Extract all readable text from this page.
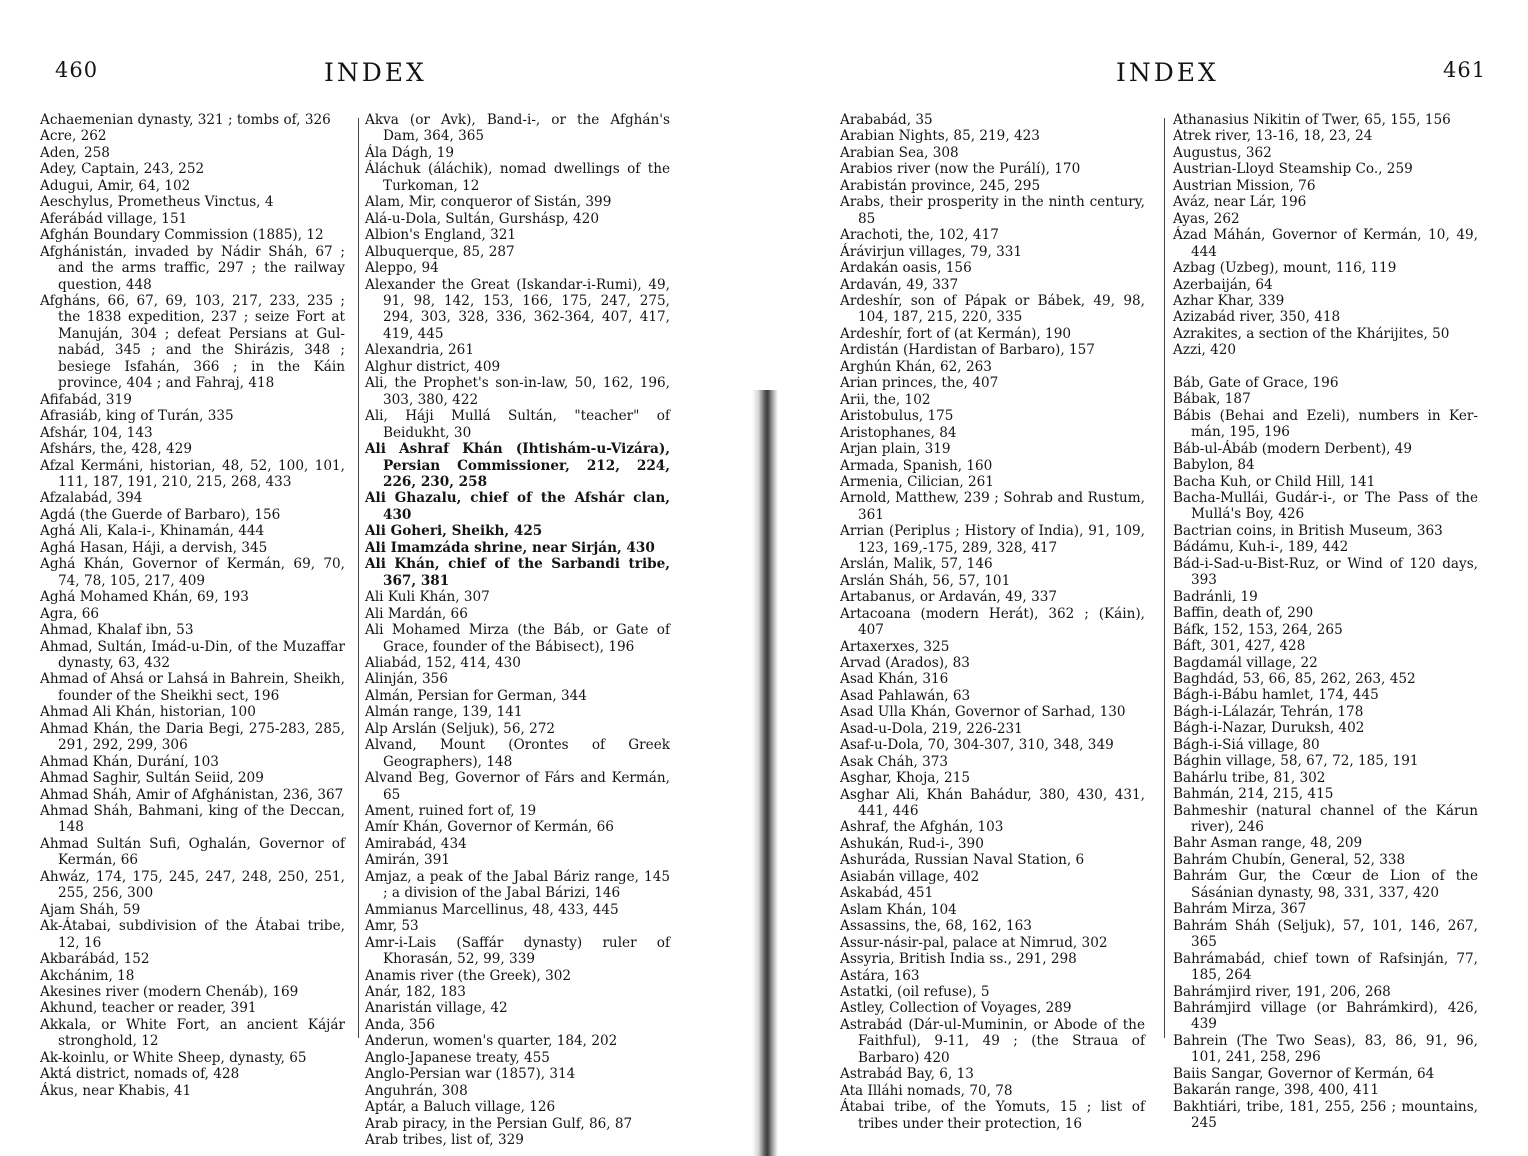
460	INDEX

Achaemenian dynasty, 321 ; tombs of, 326

Acre, 262

Aden, 258

Adey, Captain, 243, 252

Adugui, Amir, 64, 102

Aeschylus, Prometheus Vinctus, 4

Aferábád village, 151

Afghán Boundary Commission (1885), 12

Afghánistán, invaded by Nádir Sháh, 67 ; and the arms traffic, 297 ; the railway question, 448

Afgháns, 66, 67, 69, 103, 217, 233, 235 ; the 1838 expedition, 237 ; seize Fort at Manuján, 304 ; defeat Persians at Gul-nabád, 345 ; and the Shirázis, 348 ; besiege Isfahán, 366 ; in the Káin province, 404 ; and Fahraj, 418

Afifabád, 319

Afrasiáb, king of Turán, 335

Afshár, 104, 143

Afshárs, the, 428, 429

Afzal Kermáni, historian, 48, 52, 100, 101, 111, 187, 191, 210, 215, 268, 433

Afzalabád, 394

Agdá (the Guerde of Barbaro), 156

Aghá Ali, Kala-i-, Khinamán, 444

Aghá Hasan, Háji, a dervish, 345

Aghá Khán, Governor of Kermán, 69, 70, 74, 78, 105, 217, 409

Aghá Mohamed Khán, 69, 193

Agra, 66

Ahmad, Khalaf ibn, 53

Ahmad, Sultán, Imád-u-Din, of the Muzaffar dynasty, 63, 432

Ahmad of Ahsá or Lahsá in Bahrein, Sheikh, founder of the Sheikhi sect, 196

Ahmad Ali Khán, historian, 100

Ahmad Khán, the Daria Begi, 275-283, 285, 291, 292, 299, 306

Ahmad Khán, Durání, 103

Ahmad Saghir, Sultán Seiid, 209

Ahmad Sháh, Amir of Afghánistan, 236, 367

Ahmad Sháh, Bahmani, king of the Deccan, 148

Ahmad Sultán Sufi, Oghalán, Governor of Kermán, 66

Ahwáz, 174, 175, 245, 247, 248, 250, 251, 255, 256, 300

Ajam Sháh, 59

Ak-Átabai, subdivision of the Átabai tribe, 12, 16

Akbarábád, 152

Akchánim, 18

Akesines river (modern Chenáb), 169

Akhund, teacher or reader, 391

Akkala, or White Fort, an ancient Kájár stronghold, 12

Ak-koinlu, or White Sheep, dynasty, 65

Aktá district, nomads of, 428

Ákus, near Khabis, 41

Akva (or Avk), Band-i-, or the Afghán's Dam, 364, 365

Ála Dágh, 19

Áláchuk (áláchik), nomad dwellings of the Turkoman, 12

Alam, Mir, conqueror of Sistán, 399

Alá-u-Dola, Sultán, Gurshásp, 420

Albion's England, 321

Albuquerque, 85, 287

Aleppo, 94

Alexander the Great (Iskandar-i-Rumi), 49, 91, 98, 142, 153, 166, 175, 247, 275, 294, 303, 328, 336, 362-364, 407, 417, 419, 445

Alexandria, 261

Alghur district, 409

Ali, the Prophet's son-in-law, 50, 162, 196, 303, 380, 422

Ali, Háji Mullá Sultán, "teacher" of Beidukht, 30

Ali Ashraf Khán (Ihtishám-u-Vizára), Persian Commissioner, 212, 224, 226, 230, 258

Ali Ghazalu, chief of the Afshár clan, 430

Ali Goheri, Sheikh, 425

Ali Imamzáda shrine, near Sirján, 430

Ali Khán, chief of the Sarbandi tribe, 367, 381

Ali Kuli Khán, 307

Ali Mardán, 66

Ali Mohamed Mirza (the Báb, or Gate of Grace, founder of the Bábisect), 196

Aliabád, 152, 414, 430

Alinján, 356

Almán, Persian for German, 344

Almán range, 139, 141

Alp Arslán (Seljuk), 56, 272

Alvand, Mount (Orontes of Greek Geographers), 148

Alvand Beg, Governor of Fárs and Kermán, 65

Ament, ruined fort of, 19

Amír Khán, Governor of Kermán, 66

Amirabád, 434

Amirán, 391

Amjaz, a peak of the Jabal Báriz range, 145 ; a division of the Jabal Bárizi, 146

Ammianus Marcellinus, 48, 433, 445

Amr, 53

Amr-i-Lais (Saffár dynasty) ruler of Khorasán, 52, 99, 339

Anamis river (the Greek), 302

Anár, 182, 183

Anaristán village, 42

Anda, 356

Anderun, women's quarter, 184, 202

Anglo-Japanese treaty, 455

Anglo-Persian war (1857), 314

Anguhrán, 308

Aptár, a Baluch village, 126

Arab piracy, in the Persian Gulf, 86, 87

Arab tribes, list of, 329

461
INDEX

Arababád, 35

Arabian Nights, 85, 219, 423

Arabian Sea, 308

Arabios river (now the Purálí), 170

Arabistán province, 245, 295

Arabs, their prosperity in the ninth century, 85

Arachoti, the, 102, 417

Árávirjun villages, 79, 331

Ardakán oasis, 156

Ardaván, 49, 337

Ardeshír, son of Pápak or Bábek, 49, 98, 104, 187, 215, 220, 335

Ardeshír, fort of (at Kermán), 190

Ardistán (Hardistan of Barbaro), 157

Arghún Khán, 62, 263

Arian princes, the, 407

Arii, the, 102

Aristobulus, 175

Aristophanes, 84

Arjan plain, 319

Armada, Spanish, 160

Armenia, Cilician, 261

Arnold, Matthew, 239 ; Sohrab and Rustum, 361

Arrian (Periplus ; History of India), 91, 109, 123, 169,-175, 289, 328, 417

Arslán, Malik, 57, 146

Arslán Sháh, 56, 57, 101

Artabanus, or Ardaván, 49, 337

Artacoana (modern Herát), 362 ; (Káin), 407

Artaxerxes, 325

Arvad (Arados), 83

Asad Khán, 316

Asad Pahlawán, 63

Asad Ulla Khán, Governor of Sarhad, 130

Asad-u-Dola, 219, 226-231

Asaf-u-Dola, 70, 304-307, 310, 348, 349

Asak Cháh, 373

Asghar, Khoja, 215

Asghar Ali, Khán Bahádur, 380, 430, 431, 441, 446

Ashraf, the Afghán, 103

Ashukán, Rud-i-, 390

Ashuráda, Russian Naval Station, 6

Asiabán village, 402

Askabád, 451

Aslam Khán, 104

Assassins, the, 68, 162, 163

Assur-násir-pal, palace at Nimrud, 302

Assyria, British India ss., 291, 298

Astára, 163

Astatki, (oil refuse), 5

Astley, Collection of Voyages, 289

Astrabád (Dár-ul-Muminin, or Abode of the Faithful), 9-11, 49 ; (the Straua of Barbaro) 420

Astrabád Bay, 6, 13

Ata Illáhi nomads, 70, 78

Átabai tribe, of the Yomuts, 15 ; list of tribes under their protection, 16

Athanasius Nikitin of Twer, 65, 155, 156

Atrek river, 13-16, 18, 23, 24

Augustus, 362

Austrian-Lloyd Steamship Co., 259

Austrian Mission, 76

Aváz, near Lár, 196

Ayas, 262

Ázad Máhán, Governor of Kermán, 10, 49, 444

Azbag (Uzbeg), mount, 116, 119

Azerbaiján, 64

Azhar Khar, 339

Azizabád river, 350, 418

Azrakites, a section of the Khárijites, 50

Azzi, 420

Báb, Gate of Grace, 196

Bábak, 187

Bábis (Behai and Ezeli), numbers in Ker-mán, 195, 196

Báb-ul-Ábáb (modern Derbent), 49

Babylon, 84

Bacha Kuh, or Child Hill, 141

Bacha-Mullái, Gudár-i-, or The Pass of the Mullá's Boy, 426

Bactrian coins, in British Museum, 363

Bádámu, Kuh-i-, 189, 442

Bád-i-Sad-u-Bist-Ruz, or Wind of 120 days, 393

Badránli, 19

Baffin, death of, 290

Báfk, 152, 153, 264, 265

Báft, 301, 427, 428

Bagdamál village, 22

Baghdád, 53, 66, 85, 262, 263, 452

Bágh-i-Bábu hamlet, 174, 445

Bágh-i-Lálazár, Tehrán, 178

Bágh-i-Nazar, Duruksh, 402

Bágh-i-Siá village, 80

Bághin village, 58, 67, 72, 185, 191

Bahárlu tribe, 81, 302

Bahmán, 214, 215, 415

Bahmeshir (natural channel of the Kárun river), 246

Bahr Asman range, 48, 209

Bahrám Chubín, General, 52, 338

Bahrám Gur, the Cœur de Lion of the Sásánian dynasty, 98, 331, 337, 420

Bahrám Mirza, 367

Bahrám Sháh (Seljuk), 57, 101, 146, 267, 365

Bahrámabád, chief town of Rafsinján, 77, 185, 264

Bahrámjird river, 191, 206, 268

Bahrámjird village (or Bahrámkird), 426, 439

Bahrein (The Two Seas), 83, 86, 91, 96, 101, 241, 258, 296

Baiis Sangar, Governor of Kermán, 64

Bakarán range, 398, 400, 411

Bakhtiári, tribe, 181, 255, 256 ; mountains, 245
